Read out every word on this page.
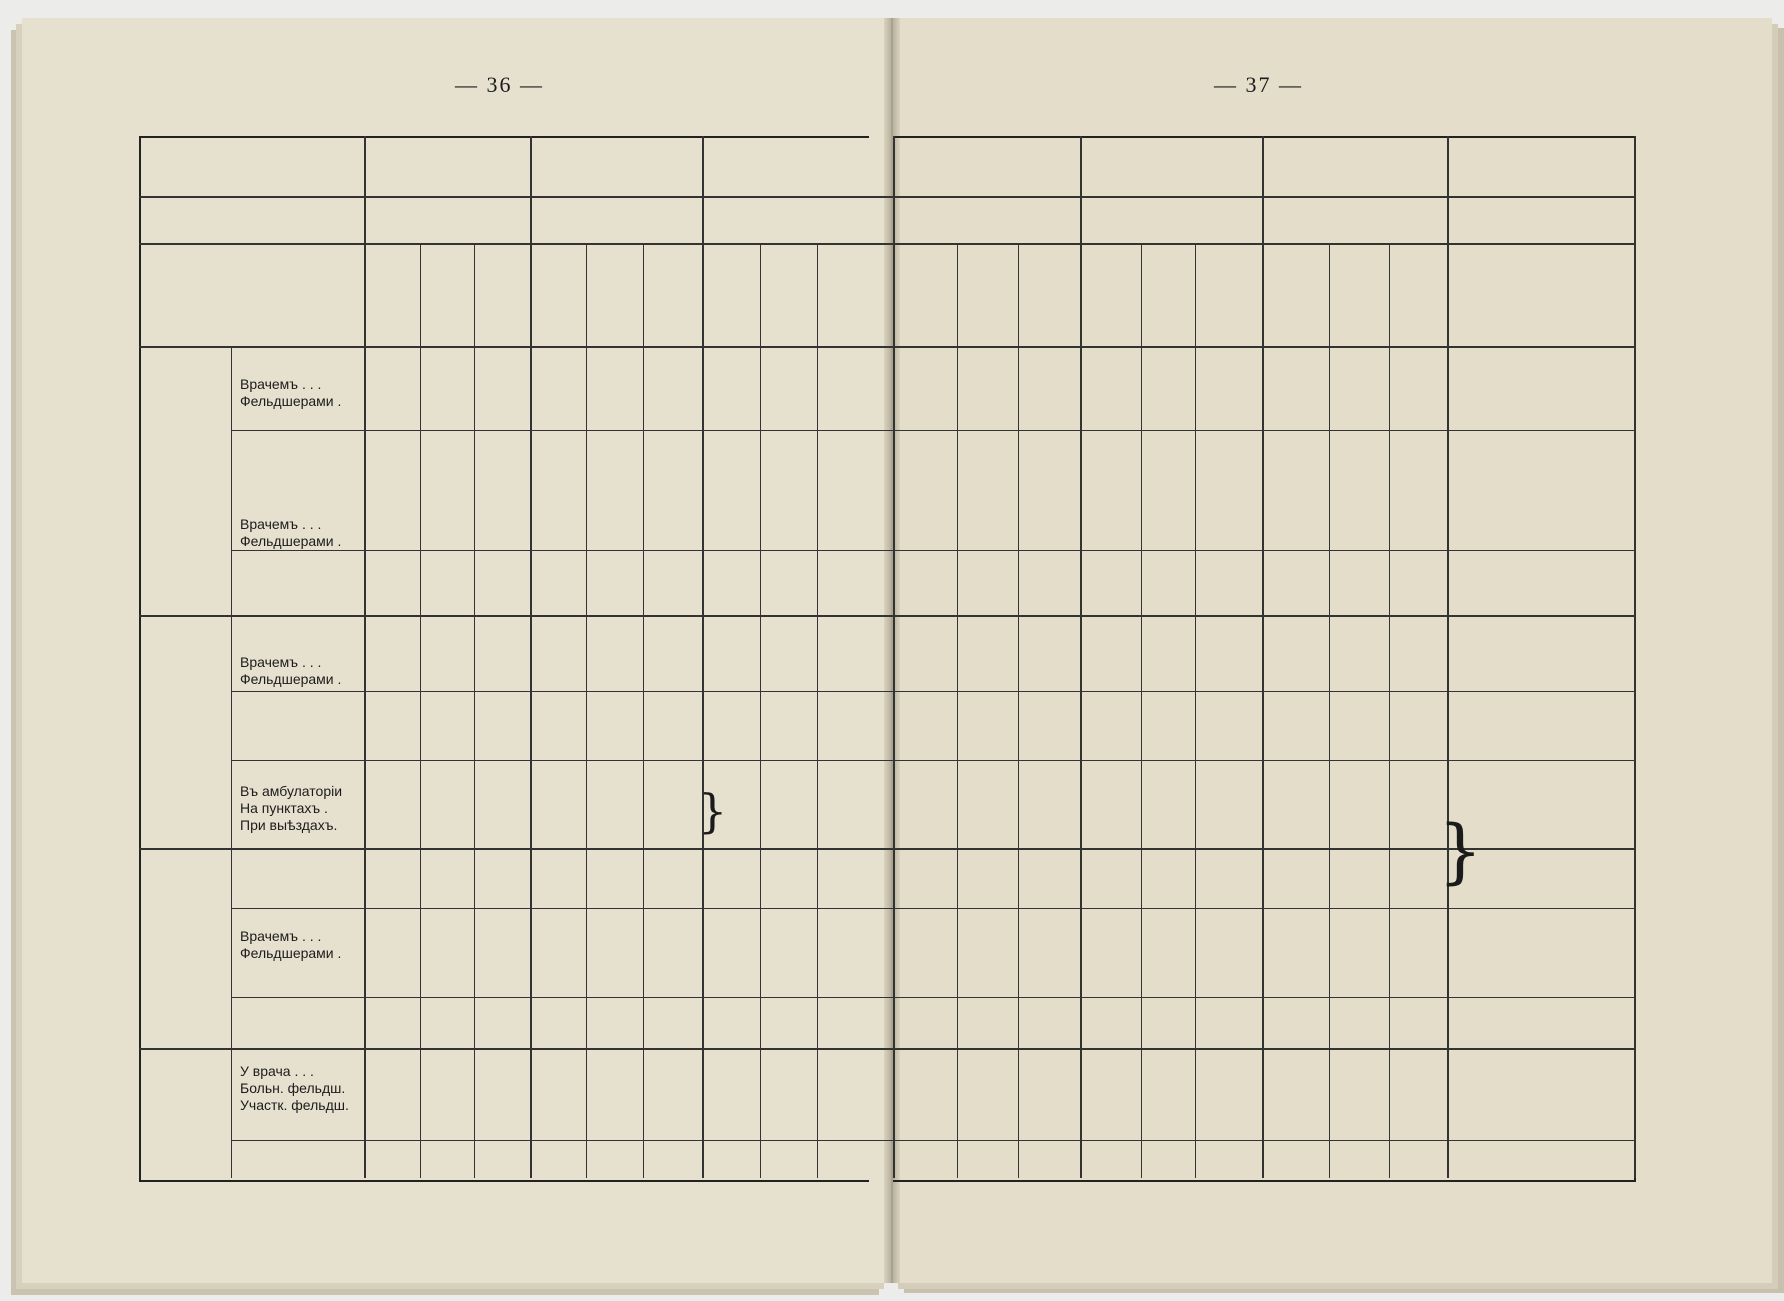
— 36 —	— 37 —
Врачемъ . . .
Фельдшерами .
Врачемъ . . .
Фельдшерами .
Врачемъ . . .
Фельдшерами .
Въ амбулаторіи
На пунктахъ .
При выѣздахъ.
Врачемъ . . .
Фельдшерами .
У врача . . .
Больн. фельдш.
Участк. фельдш.
}	}
